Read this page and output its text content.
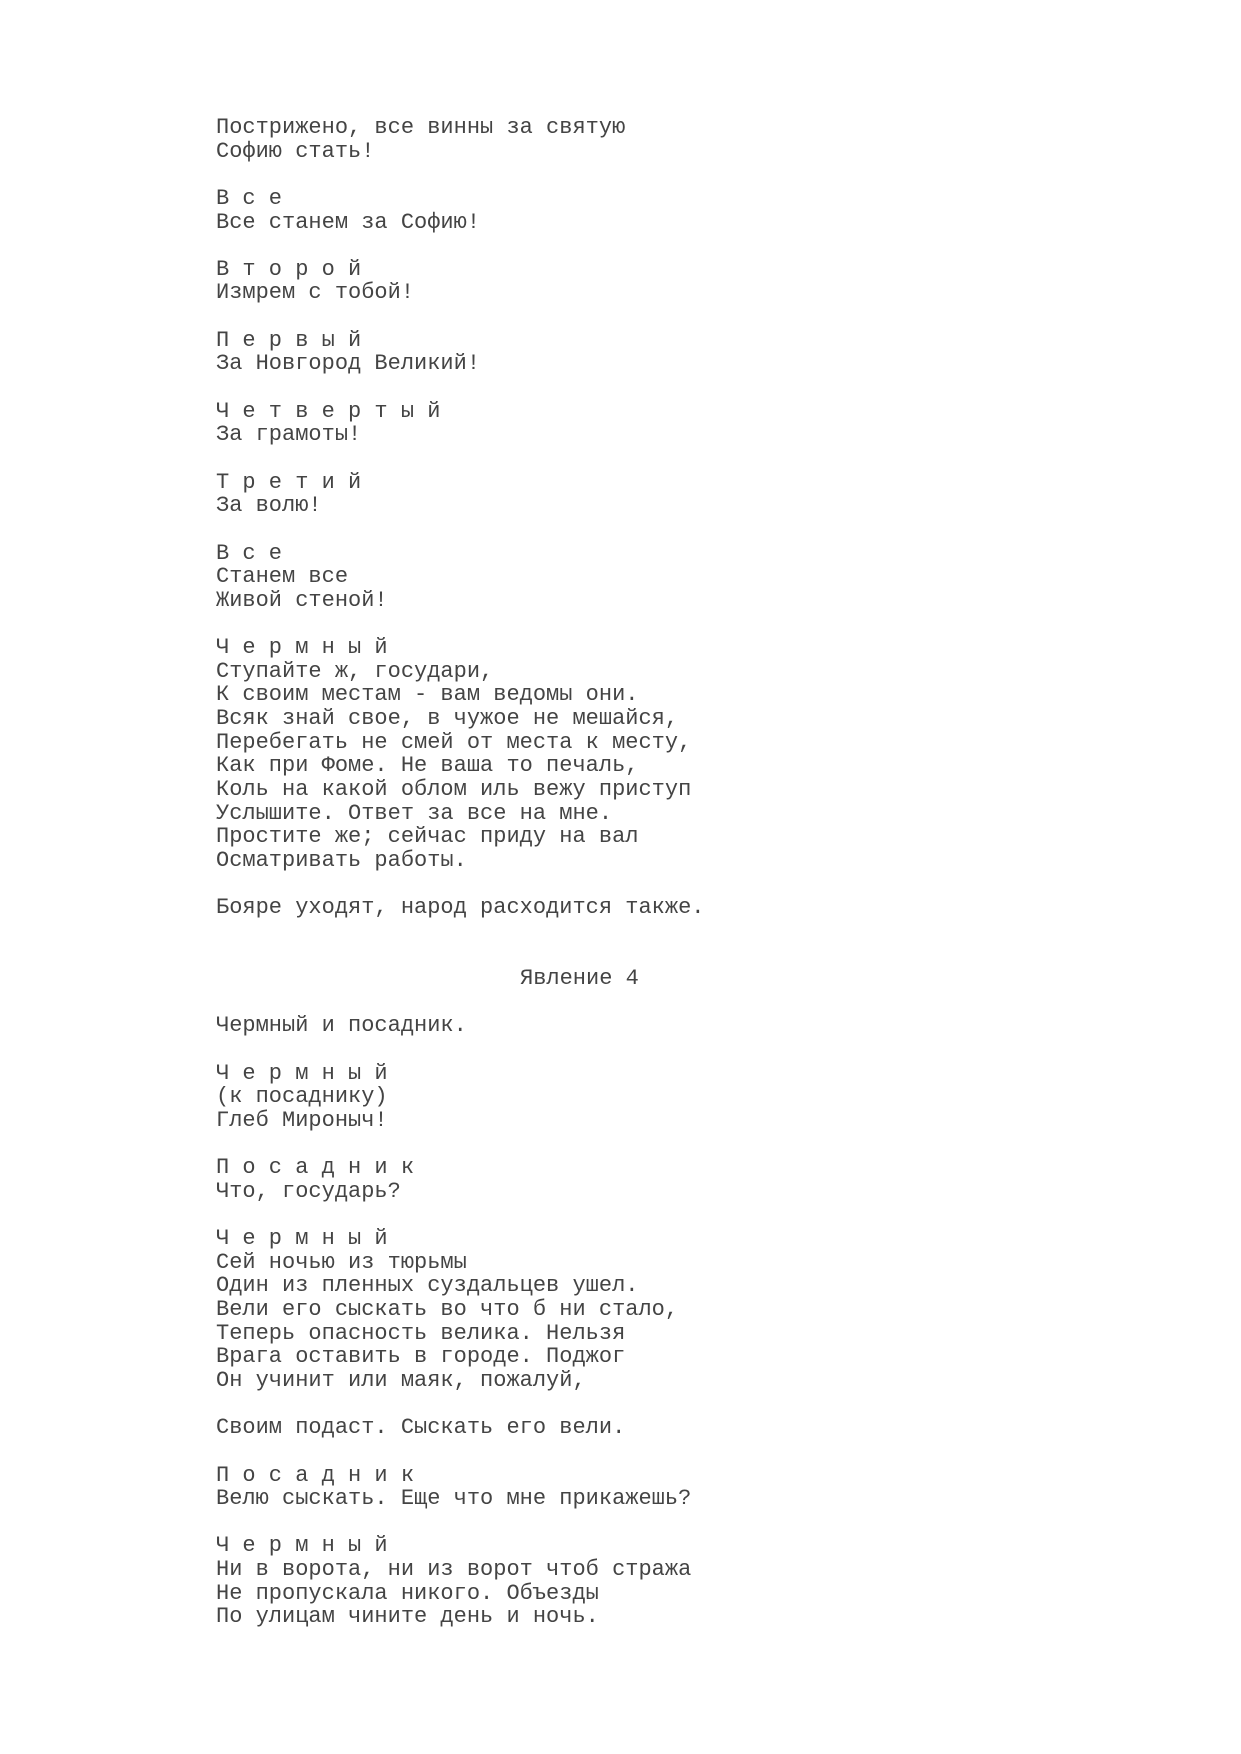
Пострижено, все винны за святую
Софию стать!
В с е
Все станем за Софию!
В т о р о й
Измрем с тобой!
П е р в ы й
За Новгород Великий!
Ч е т в е р т ы й
За грамоты!
Т р е т и й
За волю!
В с е
Станем все
Живой стеной!
Ч е р м н ы й
Ступайте ж, государи,
К своим местам - вам ведомы они.
Всяк знай свое, в чужое не мешайся,
Перебегать не смей от места к месту,
Как при Фоме. Не ваша то печаль,
Коль на какой облом иль вежу приступ
Услышите. Ответ за все на мне.
Простите же; сейчас приду на вал
Осматривать работы.
Бояре уходят, народ расходится также.
Явление 4
Чермный и посадник.
Ч е р м н ы й
(к посаднику)
Глеб Мироныч!
П о с а д н и к
Что, государь?
Ч е р м н ы й
Сей ночью из тюрьмы
Один из пленных суздальцев ушел.
Вели его сыскать во что б ни стало,
Теперь опасность велика. Нельзя
Врага оставить в городе. Поджог
Он учинит или маяк, пожалуй,
Своим подаст. Сыскать его вели.
П о с а д н и к
Велю сыскать. Еще что мне прикажешь?
Ч е р м н ы й
Ни в ворота, ни из ворот чтоб стража
Не пропускала никого. Объезды
По улицам чините день и ночь.
